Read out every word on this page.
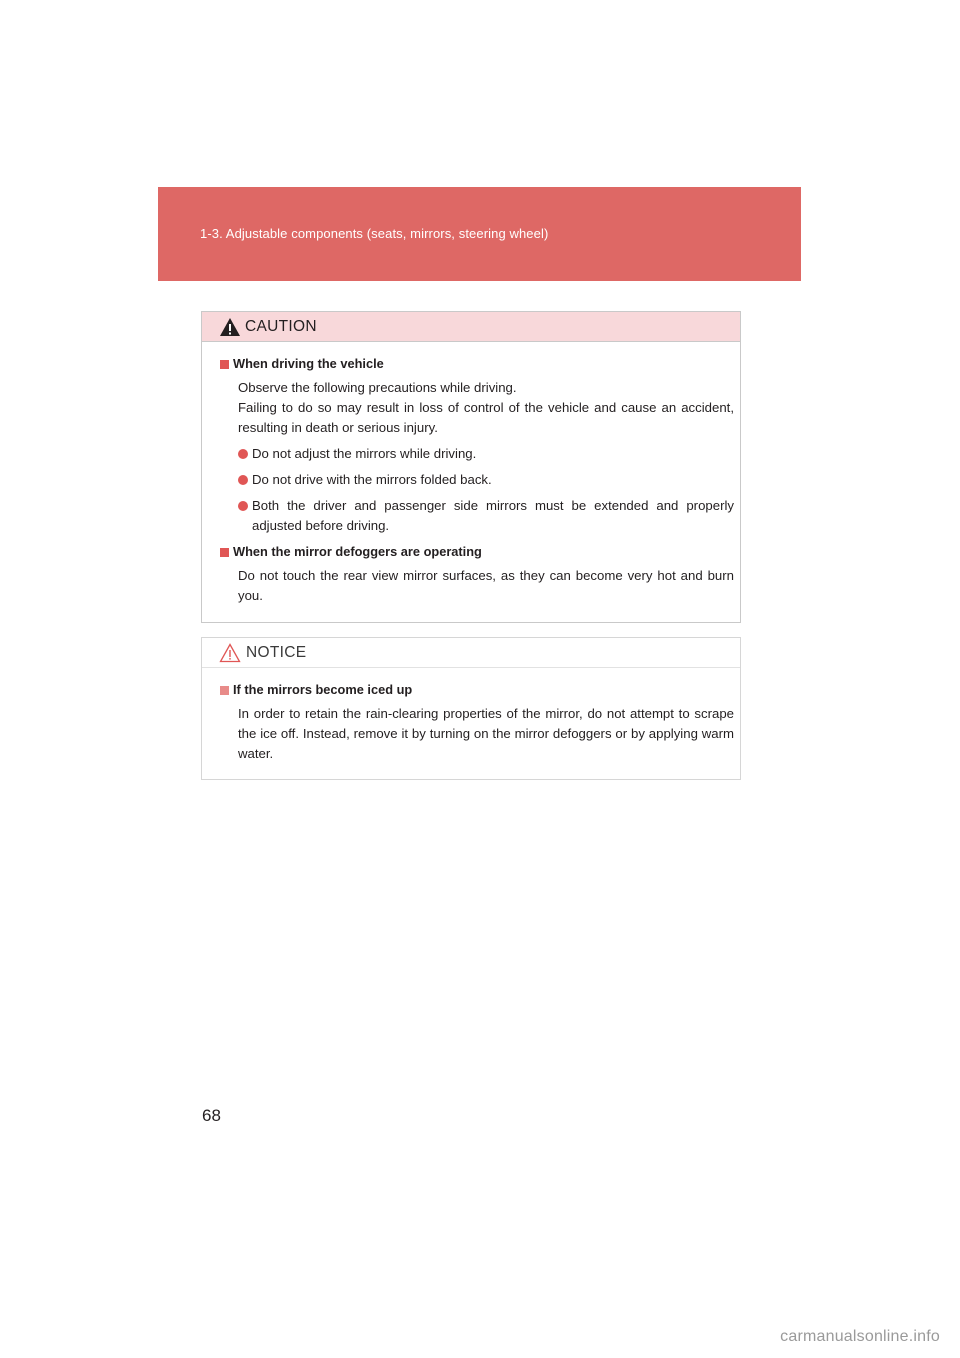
1-3. Adjustable components (seats, mirrors, steering wheel)
CAUTION
When driving the vehicle
Observe the following precautions while driving.
Failing to do so may result in loss of control of the vehicle and cause an accident, resulting in death or serious injury.
Do not adjust the mirrors while driving.
Do not drive with the mirrors folded back.
Both the driver and passenger side mirrors must be extended and properly adjusted before driving.
When the mirror defoggers are operating
Do not touch the rear view mirror surfaces, as they can become very hot and burn you.
NOTICE
If the mirrors become iced up
In order to retain the rain-clearing properties of the mirror, do not attempt to scrape the ice off. Instead, remove it by turning on the mirror defoggers or by applying warm water.
68
carmanualsonline.info
